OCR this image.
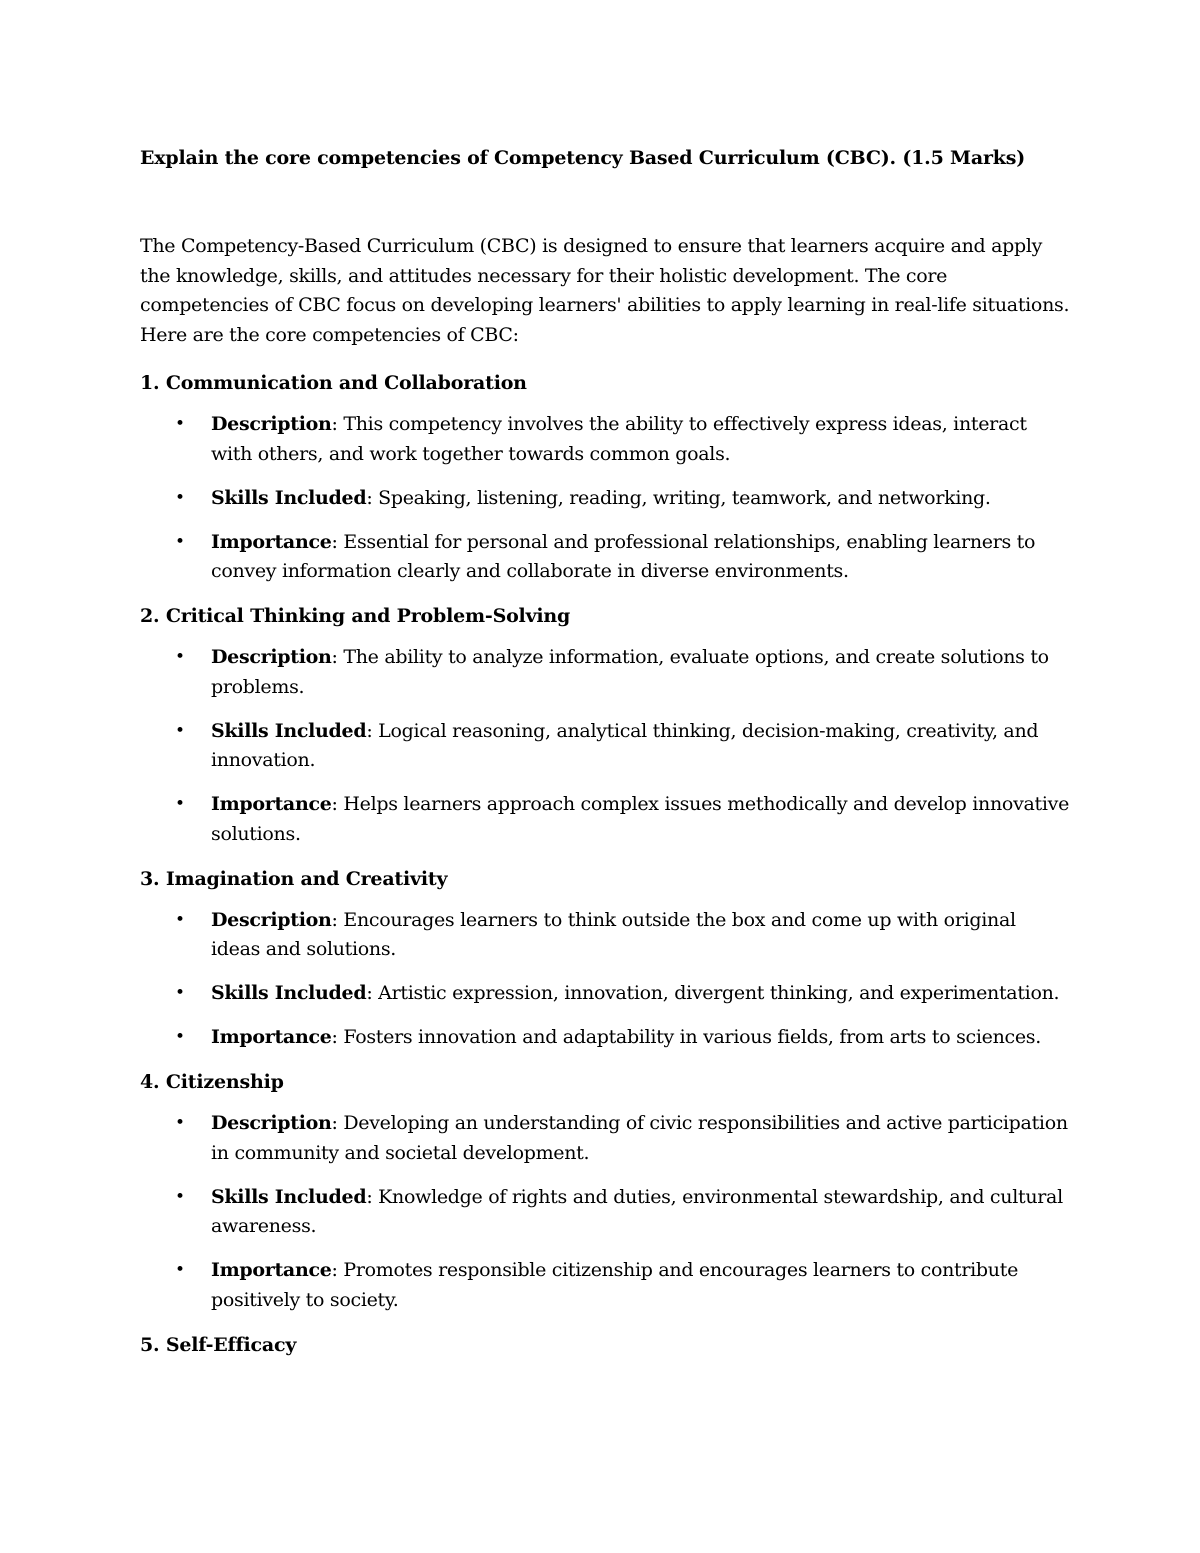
Explain the core competencies of Competency Based Curriculum (CBC). (1.5 Marks)

The Competency-Based Curriculum (CBC) is designed to ensure that learners acquire and apply the knowledge, skills, and attitudes necessary for their holistic development. The core competencies of CBC focus on developing learners' abilities to apply learning in real-life situations. Here are the core competencies of CBC:

1. Communication and Collaboration
• Description: This competency involves the ability to effectively express ideas, interact with others, and work together towards common goals.
• Skills Included: Speaking, listening, reading, writing, teamwork, and networking.
• Importance: Essential for personal and professional relationships, enabling learners to convey information clearly and collaborate in diverse environments.
2. Critical Thinking and Problem-Solving
• Description: The ability to analyze information, evaluate options, and create solutions to problems.
• Skills Included: Logical reasoning, analytical thinking, decision-making, creativity, and innovation.
• Importance: Helps learners approach complex issues methodically and develop innovative solutions.
3. Imagination and Creativity
• Description: Encourages learners to think outside the box and come up with original ideas and solutions.
• Skills Included: Artistic expression, innovation, divergent thinking, and experimentation.
• Importance: Fosters innovation and adaptability in various fields, from arts to sciences.
4. Citizenship
• Description: Developing an understanding of civic responsibilities and active participation in community and societal development.
• Skills Included: Knowledge of rights and duties, environmental stewardship, and cultural awareness.
• Importance: Promotes responsible citizenship and encourages learners to contribute positively to society.
5. Self-Efficacy
